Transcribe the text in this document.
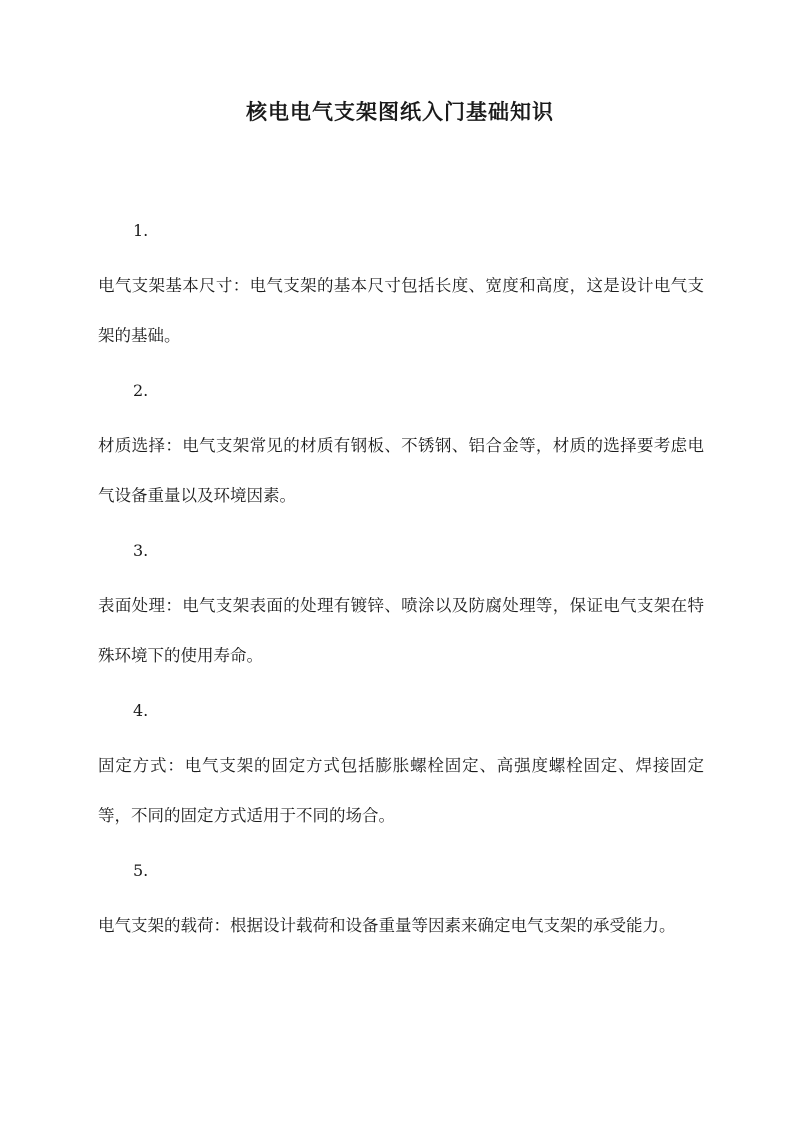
核电电气支架图纸入门基础知识
1.

电气支架基本尺寸：电气支架的基本尺寸包括长度、宽度和高度，这是设计电气支架的基础。

2.

材质选择：电气支架常见的材质有钢板、不锈钢、铝合金等，材质的选择要考虑电气设备重量以及环境因素。

3.

表面处理：电气支架表面的处理有镀锌、喷涂以及防腐处理等，保证电气支架在特殊环境下的使用寿命。

4.

固定方式：电气支架的固定方式包括膨胀螺栓固定、高强度螺栓固定、焊接固定等，不同的固定方式适用于不同的场合。

5.

电气支架的载荷：根据设计载荷和设备重量等因素来确定电气支架的承受能力。
